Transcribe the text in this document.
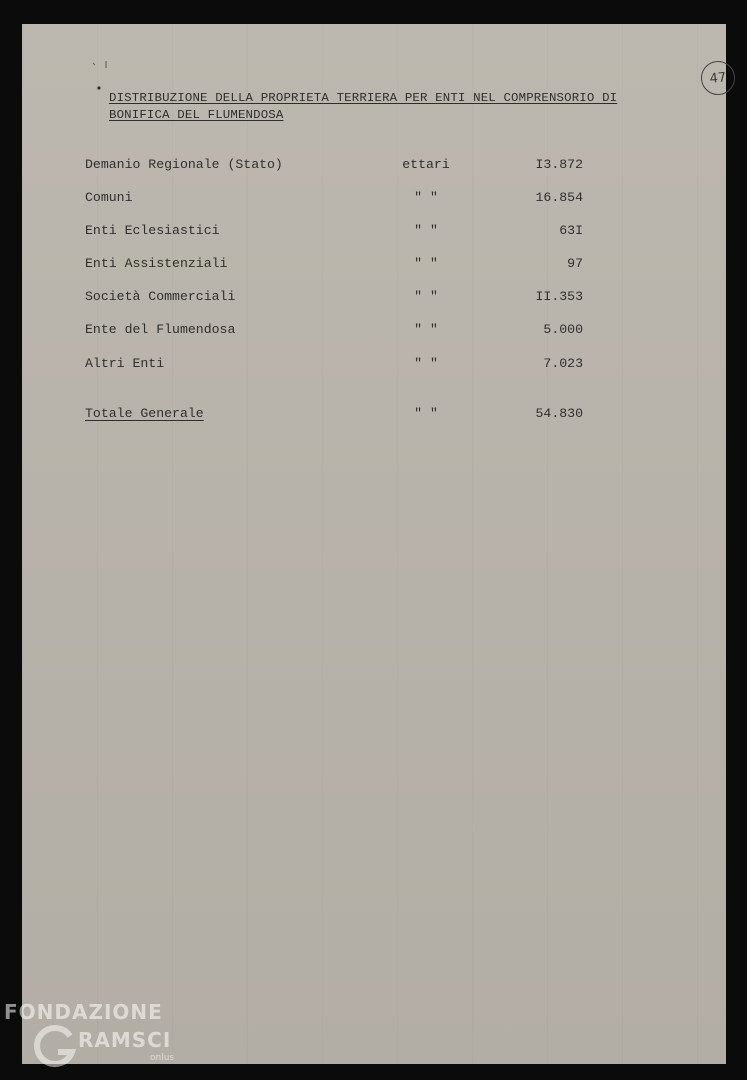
47
DISTRIBUZIONE DELLA PROPRIETA TERRIERA PER ENTI NEL COMPRENSORIO DI
BONIFICA DEL FLUMENDOSA
Demanio Regionale (Stato)	ettari	I3.872
Comuni	" "	16.854
Enti Eclesiastici	" "	63I
Enti Assistenziali	" "	97
Società Commerciali	" "	II.353
Ente del Flumendosa	" "	5.000
Altri Enti	" "	7.023
Totale Generale	" "	54.830
FONDAZIONE
RAMSCI
onlus
